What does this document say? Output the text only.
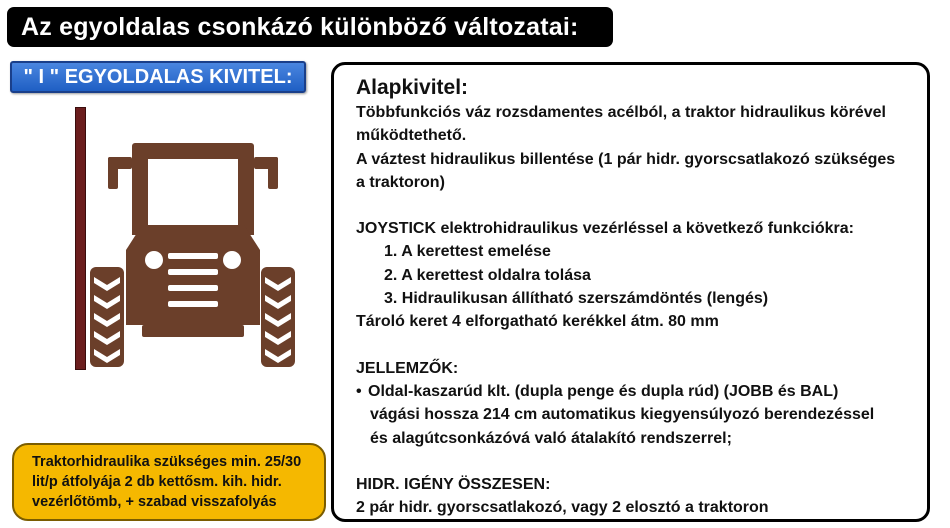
Az egyoldalas csonkázó különböző változatai:
" I " EGYOLDALAS KIVITEL:

Traktorhidraulika szükséges min. 25/30

lit/p átfolyája 2 db kettősm. kih. hidr.

vezérlőtömb, + szabad visszafolyás

Alapkivitel:

Többfunkciós váz rozsdamentes acélból, a traktor hidraulikus körével

működtethető.

A váztest hidraulikus billentése (1 pár hidr. gyorscsatlakozó szükséges

a traktoron)

JOYSTICK elektrohidraulikus vezérléssel a következő funkciókra:

1. A kerettest emelése

2. A kerettest oldalra tolása

3. Hidraulikusan állítható szerszámdöntés (lengés)

Tároló keret 4 elforgatható kerékkel átm. 80 mm

JELLEMZŐK:

• Oldal-kaszarúd klt. (dupla penge és dupla rúd) (JOBB és BAL)

vágási hossza 214 cm automatikus kiegyensúlyozó berendezéssel

és alagútcsonkázóvá való átalakító rendszerrel;

HIDR. IGÉNY ÖSSZESEN:

2 pár hidr. gyorscsatlakozó, vagy 2 elosztó a traktoron
